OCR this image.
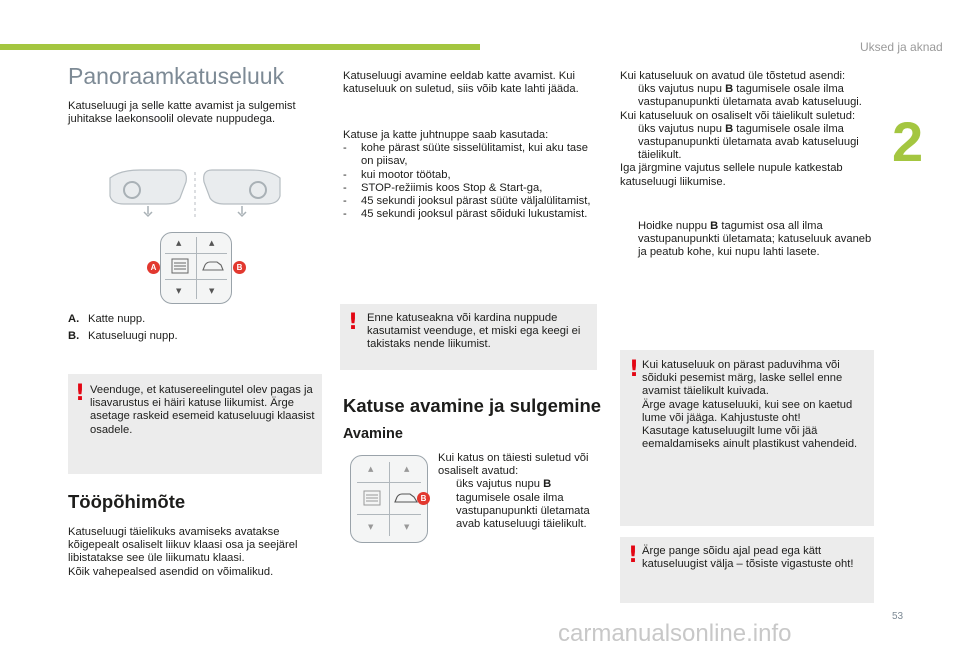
Uksed ja aknad
2
Panoraamkatuseluuk
Katuseluugi ja selle katte avamist ja sulgemist juhitakse laekonsoolil olevate nuppudega.
▲	▲
▼	▼
A	B
A. Katte nupp.
B. Katuseluugi nupp.
! Veenduge, et katusereelingutel olev pagas ja lisavarustus ei häiri katuse liikumist. Ärge asetage raskeid esemeid katuseluugi klaasist osadele.
Tööpõhimõte
Katuseluugi täielikuks avamiseks avatakse kõigepealt osaliselt liikuv klaasi osa ja seejärel libistatakse see üle liikumatu klaasi.
Kõik vahepealsed asendid on võimalikud.
Katuseluugi avamine eeldab katte avamist. Kui katuseluuk on suletud, siis võib kate lahti jääda.
Katuse ja katte juhtnuppe saab kasutada:
-	kohe pärast süüte sisselülitamist, kui aku tase on piisav,
-	kui mootor töötab,
-	STOP-režiimis koos Stop & Start-ga,
-	45 sekundi jooksul pärast süüte väljalülitamist,
-	45 sekundi jooksul pärast sõiduki lukustamist.
! Enne katuseakna või kardina nuppude kasutamist veenduge, et miski ega keegi ei takistaks nende liikumist.
Katuse avamine ja sulgemine
Avamine
▲	▲
▼	▼
B
Kui katus on täiesti suletud või osaliselt avatud:
üks vajutus nupu B tagumisele osale ilma vastupanupunkti ületamata avab katuseluugi täielikult.
Kui katuseluuk on avatud üle tõstetud asendi:
üks vajutus nupu B tagumisele osale ilma vastupanupunkti ületamata avab katuseluugi.
Kui katuseluuk on osaliselt või täielikult suletud:
üks vajutus nupu B tagumisele osale ilma vastupanupunkti ületamata avab katuseluugi täielikult.
Iga järgmine vajutus sellele nupule katkestab katuseluugi liikumise.
Hoidke nuppu B tagumist osa all ilma vastupanupunkti ületamata; katuseluuk avaneb ja peatub kohe, kui nupu lahti lasete.
! Kui katuseluuk on pärast paduvihma või sõiduki pesemist märg, laske sellel enne avamist täielikult kuivada.
Ärge avage katuseluuki, kui see on kaetud lume või jääga. Kahjustuste oht!
Kasutage katuseluugilt lume või jää eemaldamiseks ainult plastikust vahendeid.
! Ärge pange sõidu ajal pead ega kätt katuseluugist välja – tõsiste vigastuste oht!
53
carmanualsonline.info
